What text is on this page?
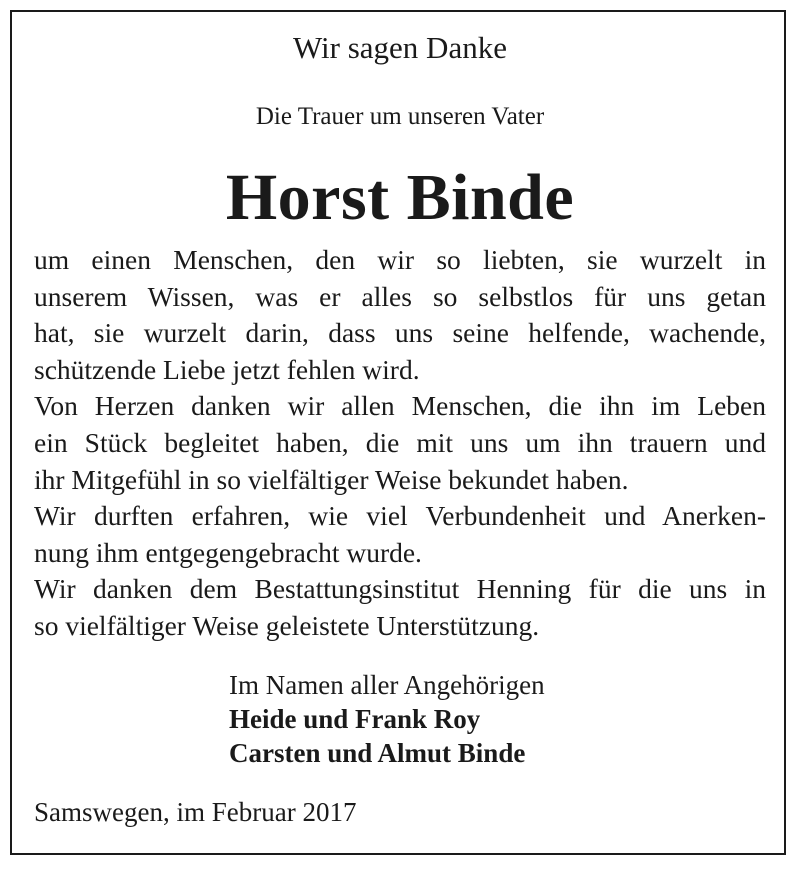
Wir sagen Danke
Die Trauer um unseren Vater
Horst Binde
um einen Menschen, den wir so liebten, sie wurzelt in
unserem Wissen, was er alles so selbstlos für uns getan
hat, sie wurzelt darin, dass uns seine helfende, wachende,
schützende Liebe jetzt fehlen wird.
Von Herzen danken wir allen Menschen, die ihn im Leben
ein Stück begleitet haben, die mit uns um ihn trauern und
ihr Mitgefühl in so vielfältiger Weise bekundet haben.
Wir durften erfahren, wie viel Verbundenheit und Anerken-
nung ihm entgegengebracht wurde.
Wir danken dem Bestattungsinstitut Henning für die uns in
so vielfältiger Weise geleistete Unterstützung.
Im Namen aller Angehörigen
Heide und Frank Roy
Carsten und Almut Binde
Samswegen, im Februar 2017
